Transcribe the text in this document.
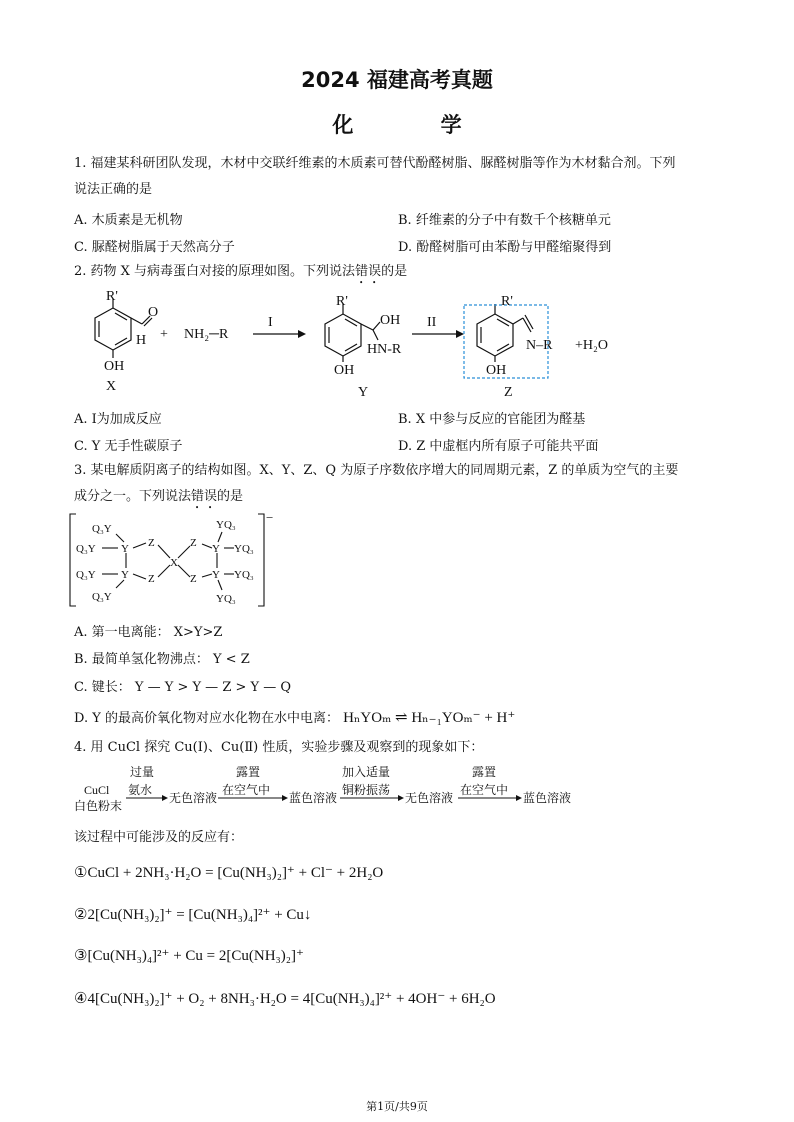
2024 福建高考真题
化 学
1. 福建某科研团队发现，木材中交联纤维素的木质素可替代酚醛树脂、脲醛树脂等作为木材黏合剂。下列
说法正确的是
A. 木质素是无机物	B. 纤维素的分子中有数千个核糖单元
C. 脲醛树脂属于天然高分子	D. 酚醛树脂可由苯酚与甲醛缩聚得到
2. 药物 X 与病毒蛋白对接的原理如图。下列说法错误的是
R'
O
H
OH
X
+ NH₂─R
I
R'
OH
HN-R
OH
Y
II
R'
N‒R
OH
Z
+H₂O
A. I为加成反应	B. X 中参与反应的官能团为醛基
C. Y 无手性碳原子	D. Z 中虚框内所有原子可能共平面
3. 某电解质阴离子的结构如图。X、Y、Z、Q 为原子序数依序增大的同周期元素，Z 的单质为空气的主要
成分之一。下列说法错误的是
Q₃Y
Q₃Y Y
Q₃Y Y
Q₃Y
Z
Z
X
Z
Z
Y
Y
YQ₃
YQ₃
YQ₃
YQ₃
−
A. 第一电离能： X>Y>Z
B. 最简单氢化物沸点： Y < Z
C. 键长： Y — Y > Y — Z > Y — Q
D. Y 的最高价氧化物对应水化物在水中电离： HₙYOₘ ⇌ Hₙ₋₁YOₘ⁻ + H⁺
4. 用 CuCl 探究 Cu(Ⅰ)、Cu(Ⅱ) 性质，实验步骤及观察到的现象如下：
CuCl
白色粉末
过量
氨水
无色溶液
露置
在空气中
蓝色溶液
加入适量
铜粉振荡
无色溶液
露置
在空气中
蓝色溶液
该过程中可能涉及的反应有：
①CuCl + 2NH₃·H₂O = [Cu(NH₃)₂]⁺ + Cl⁻ + 2H₂O
②2[Cu(NH₃)₂]⁺ = [Cu(NH₃)₄]²⁺ + Cu↓
③[Cu(NH₃)₄]²⁺ + Cu = 2[Cu(NH₃)₂]⁺
④4[Cu(NH₃)₂]⁺ + O₂ + 8NH₃·H₂O = 4[Cu(NH₃)₄]²⁺ + 4OH⁻ + 6H₂O
第1页/共9页
